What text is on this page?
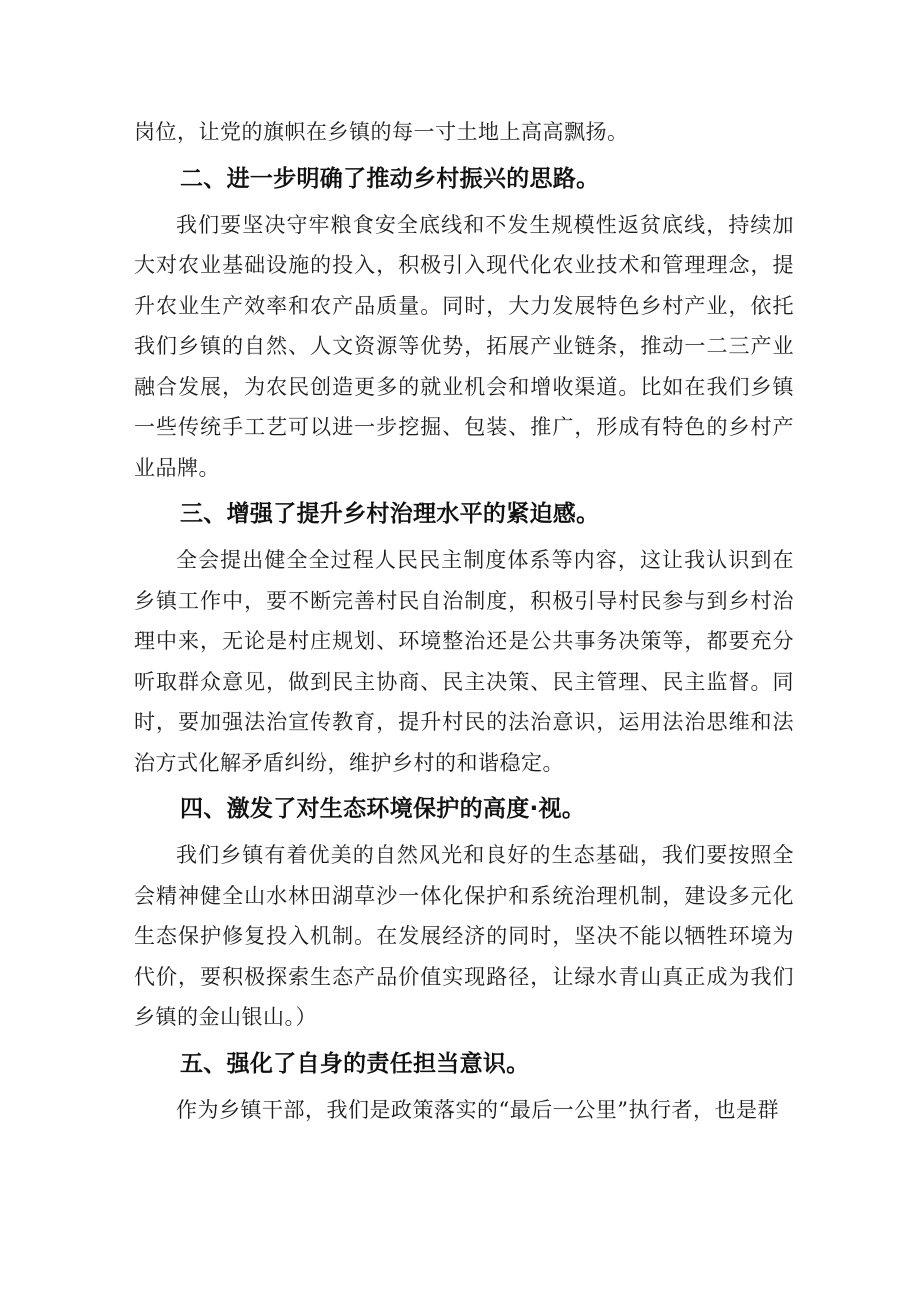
岗位，让党的旗帜在乡镇的每一寸土地上高高飘扬。

二、进一步明确了推动乡村振兴的思路。

我们要坚决守牢粮食安全底线和不发生规模性返贫底线，持续加大对农业基础设施的投入，积极引入现代化农业技术和管理理念，提升农业生产效率和农产品质量。同时，大力发展特色乡村产业，依托我们乡镇的自然、人文资源等优势，拓展产业链条，推动一二三产业融合发展，为农民创造更多的就业机会和增收渠道。比如在我们乡镇一些传统手工艺可以进一步挖掘、包装、推广，形成有特色的乡村产业品牌。

三、增强了提升乡村治理水平的紧迫感。

全会提出健全全过程人民民主制度体系等内容，这让我认识到在乡镇工作中，要不断完善村民自治制度，积极引导村民参与到乡村治理中来，无论是村庄规划、环境整治还是公共事务决策等，都要充分听取群众意见，做到民主协商、民主决策、民主管理、民主监督。同时，要加强法治宣传教育，提升村民的法治意识，运用法治思维和法治方式化解矛盾纠纷，维护乡村的和谐稳定。

四、激发了对生态环境保护的高度·视。

我们乡镇有着优美的自然风光和良好的生态基础，我们要按照全会精神健全山水林田湖草沙一体化保护和系统治理机制，建设多元化生态保护修复投入机制。在发展经济的同时，坚决不能以牺牲环境为代价，要积极探索生态产品价值实现路径，让绿水青山真正成为我们乡镇的金山银山。）

五、强化了自身的责任担当意识。

作为乡镇干部，我们是政策落实的“最后一公里”执行者，也是群
